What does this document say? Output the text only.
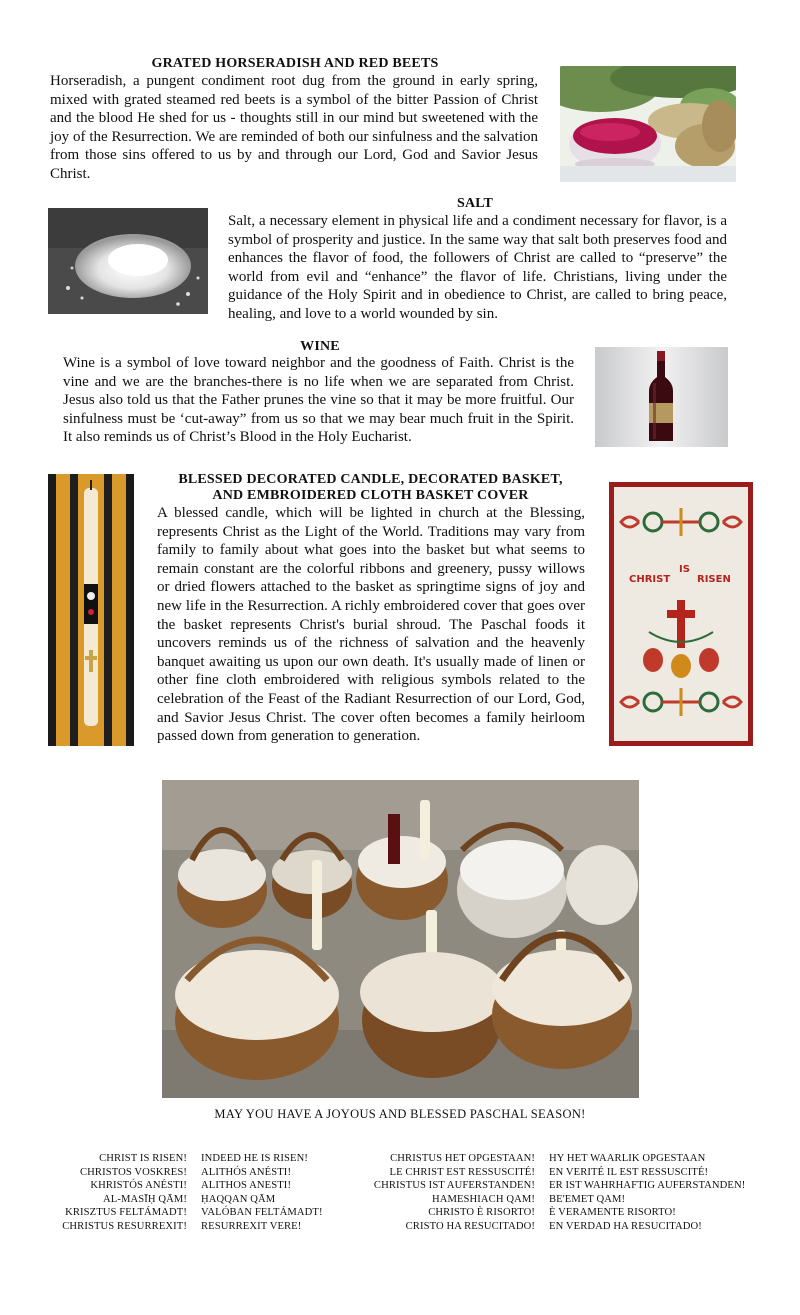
GRATED HORSERADISH AND RED BEETS
Horseradish, a pungent condiment root dug from the ground in early spring, mixed with grated steamed red beets is a symbol of the bitter Passion of Christ and the blood He shed for us - thoughts still in our mind but sweetened with the joy of the Resurrection. We are reminded of both our sinfulness and the salvation from those sins offered to us by and through our Lord, God and Savior Jesus Christ.
SALT
Salt, a necessary element in physical life and a condiment necessary for flavor, is a symbol of prosperity and justice. In the same way that salt both preserves food and enhances the flavor of food, the followers of Christ are called to “preserve” the world from evil and “enhance” the flavor of life. Christians, living under the guidance of the Holy Spirit and in obedience to Christ, are called to bring peace, healing, and love to a world wounded by sin.
WINE
Wine is a symbol of love toward neighbor and the goodness of Faith. Christ is the vine and we are the branches-there is no life when we are separated from Christ. Jesus also told us that the Father prunes the vine so that it may be more fruitful. Our sinfulness must be ‘cut-away” from us so that we may bear much fruit in the Spirit. It also reminds us of Christ’s Blood in the Holy Eucharist.
BLESSED DECORATED CANDLE, DECORATED BASKET,
AND EMBROIDERED CLOTH BASKET COVER
A blessed candle, which will be lighted in church at the Blessing, represents Christ as the Light of the World. Traditions may vary from family to family about what goes into the basket but what seems to remain constant are the colorful ribbons and greenery, pussy willows or dried flowers attached to the basket as springtime signs of joy and new life in the Resurrection. A richly embroidered cover that goes over the basket represents Christ's burial shroud. The Paschal foods it uncovers reminds us of the richness of salvation and the heavenly banquet awaiting us upon our own death. It's usually made of linen or other fine cloth embroidered with religious symbols related to the celebration of the Feast of the Radiant Resurrection of our Lord, God, and Savior Jesus Christ. The cover often becomes a family heirloom passed down from generation to generation.
CHRIST
IS
RISEN
MAY YOU HAVE A JOYOUS AND BLESSED PASCHAL SEASON!
CHRIST IS RISEN!
CHRISTOS VOSKRES!
KHRISTÓS ANÉSTI!
AL-MASĪḤ QĀM!
KRISZTUS FELTÁMADT!
CHRISTUS RESURREXIT!
INDEED HE IS RISEN!
ALITHÓS ANÉSTI!
ALITHOS ANESTI!
ḤAQQAN QĀM
VALÓBAN FELTÁMADT!
RESURREXIT VERE!
CHRISTUS HET OPGESTAAN!
LE CHRIST EST RESSUSCITÉ!
CHRISTUS IST AUFERSTANDEN!
HAMESHIACH QAM!
CHRISTO È RISORTO!
CRISTO HA RESUCITADO!
HY HET WAARLIK OPGESTAAN
EN VERITÉ IL EST RESSUSCITÉ!
ER IST WAHRHAFTIG AUFERSTANDEN!
BE'EMET QAM!
È VERAMENTE RISORTO!
EN VERDAD HA RESUCITADO!
